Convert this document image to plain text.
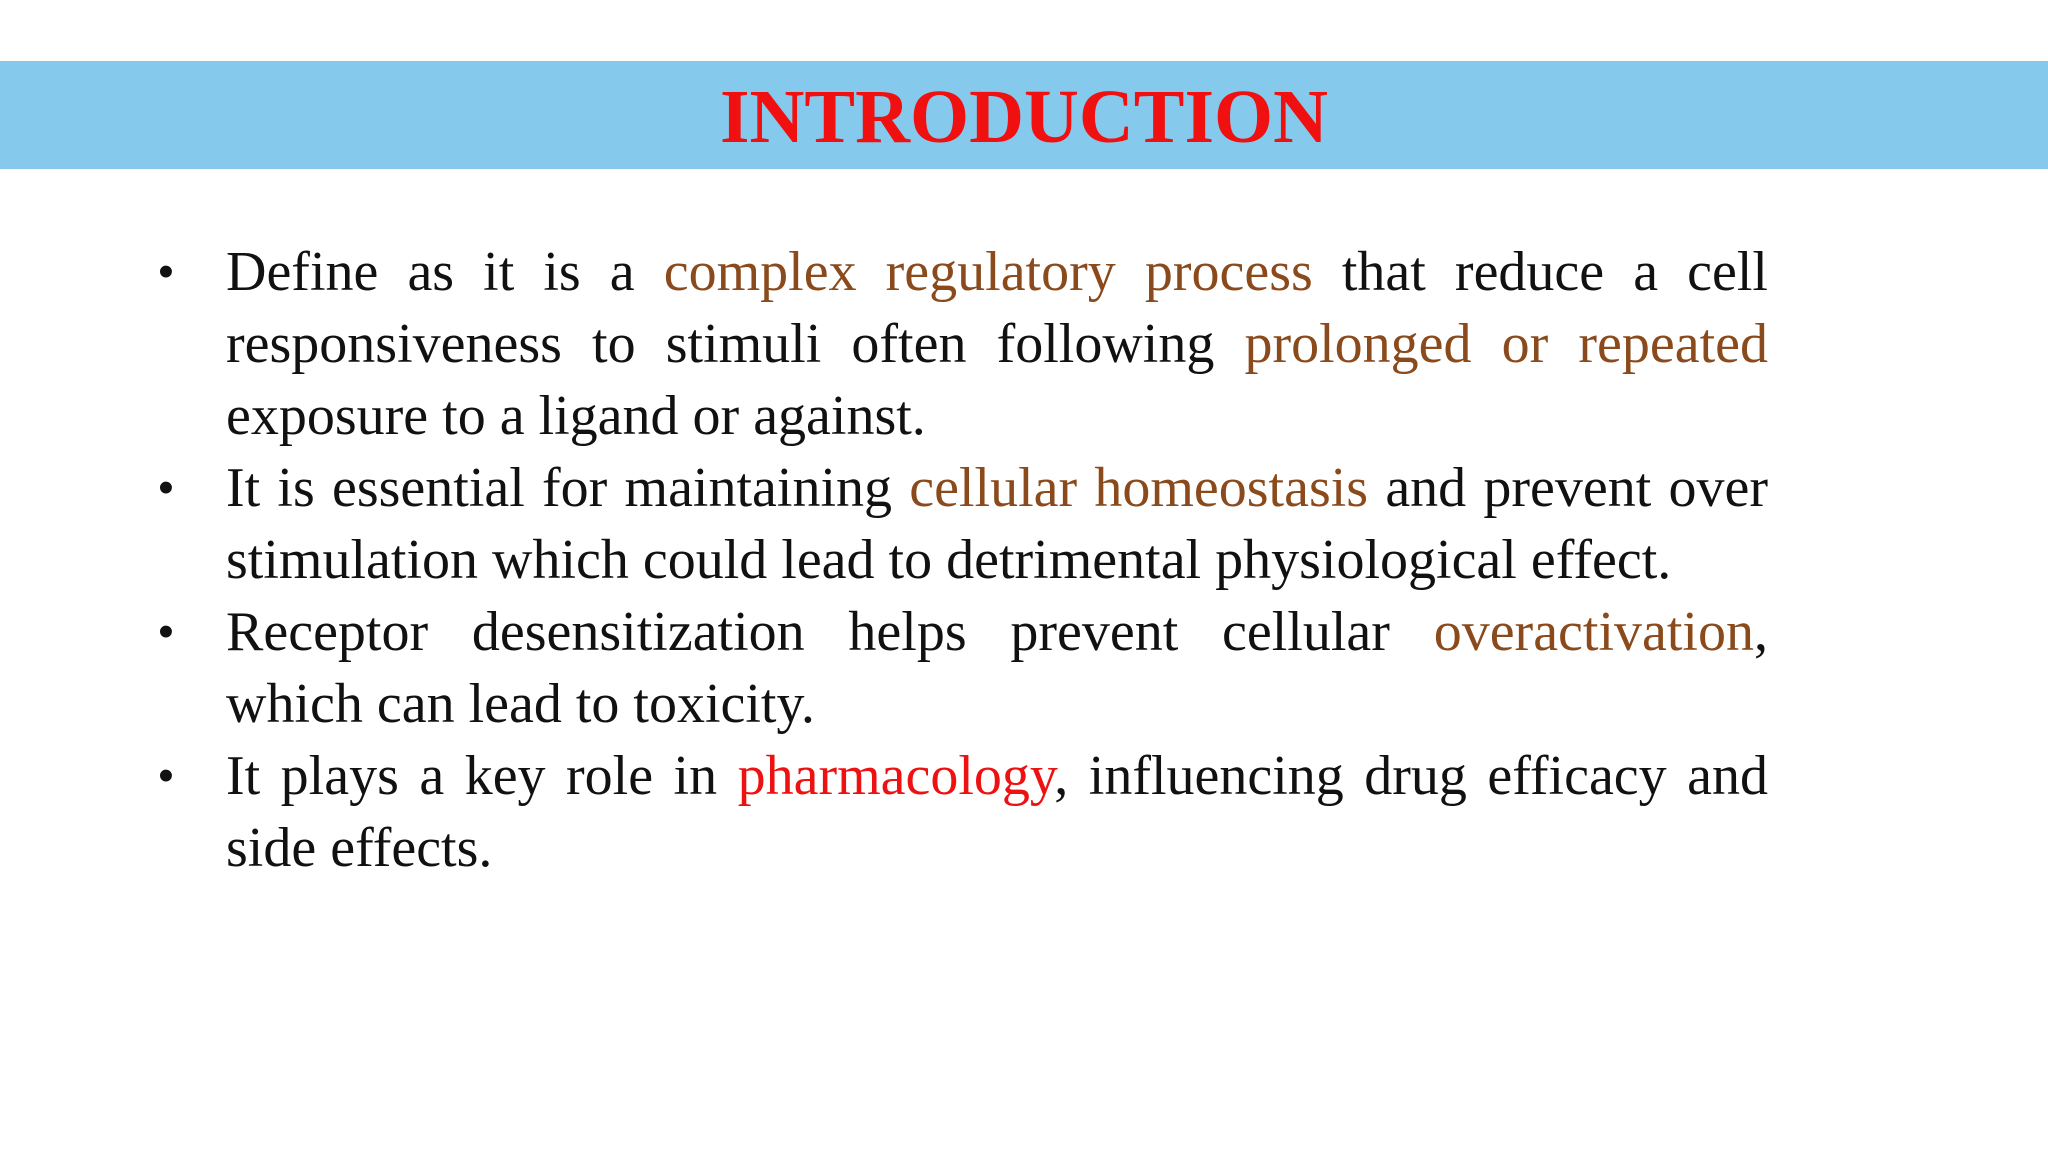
INTRODUCTION
• Define as it is a complex regulatory process that reduce a cell responsiveness to stimuli often following prolonged or repeated exposure to a ligand or against.
• It is essential for maintaining cellular homeostasis and prevent over stimulation which could lead to detrimental physiological effect.
• Receptor desensitization helps prevent cellular overactivation, which can lead to toxicity.
• It plays a key role in pharmacology, influencing drug efficacy and side effects.
